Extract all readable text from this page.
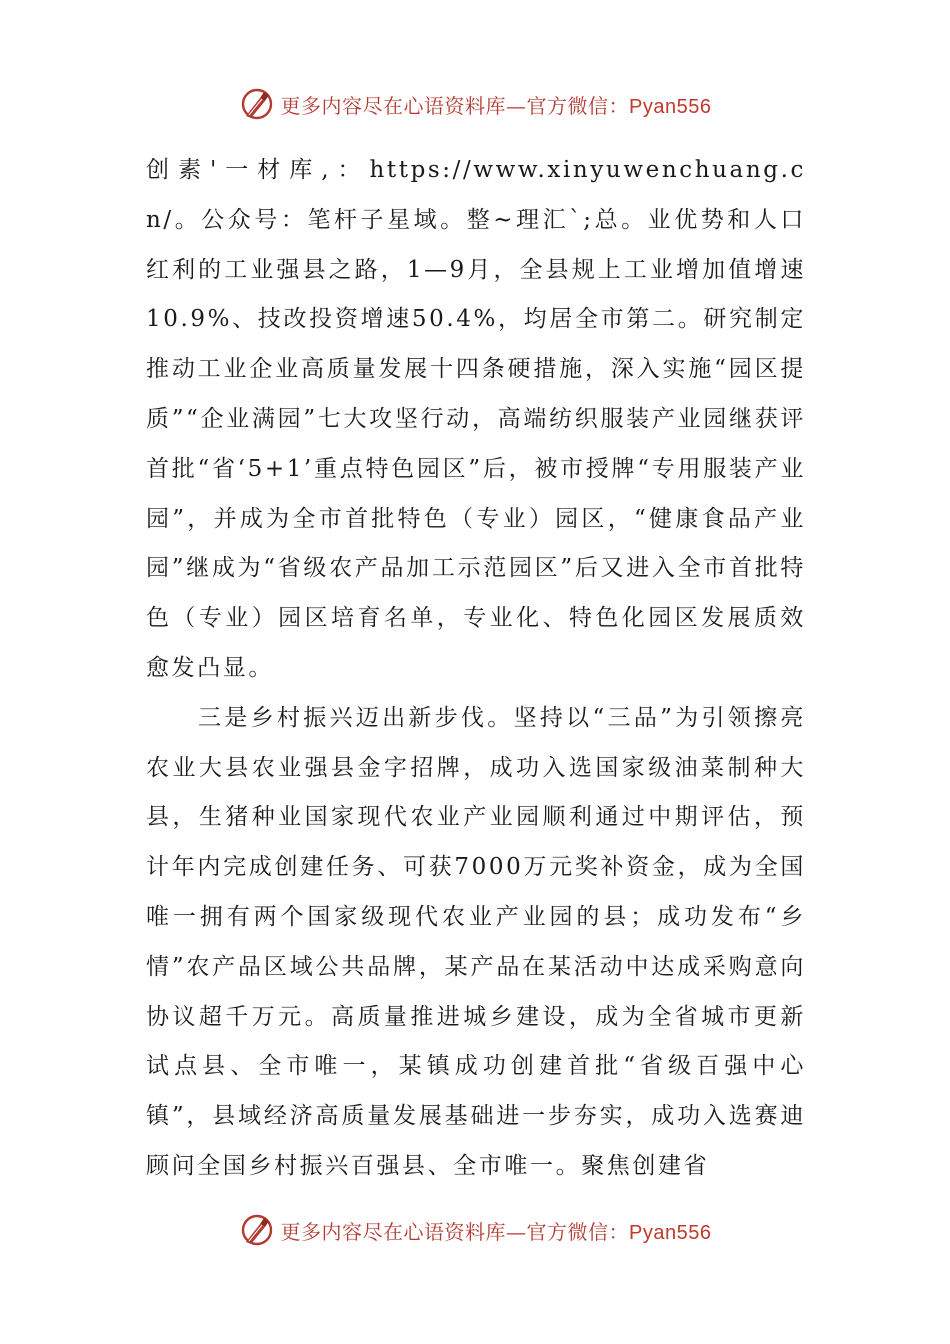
更多内容尽在心语资料库—官方微信：Pyan556

创素'一材库,：https://www.xinyuwenchuang.cn/。公众号：笔杆子星域。整~理汇`;总。业优势和人口红利的工业强县之路，1—9月，全县规上工业增加值增速10.9%、技改投资增速50.4%，均居全市第二。研究制定推动工业企业高质量发展十四条硬措施，深入实施“园区提质”“企业满园”七大攻坚行动，高端纺织服装产业园继获评首批“省‘5+1’重点特色园区”后，被市授牌“专用服装产业园”，并成为全市首批特色（专业）园区，“健康食品产业园”继成为“省级农产品加工示范园区”后又进入全市首批特色（专业）园区培育名单，专业化、特色化园区发展质效愈发凸显。

三是乡村振兴迈出新步伐。坚持以“三品”为引领擦亮农业大县农业强县金字招牌，成功入选国家级油菜制种大县，生猪种业国家现代农业产业园顺利通过中期评估，预计年内完成创建任务、可获7000万元奖补资金，成为全国唯一拥有两个国家级现代农业产业园的县；成功发布“乡情”农产品区域公共品牌，某产品在某活动中达成采购意向协议超千万元。高质量推进城乡建设，成为全省城市更新试点县、全市唯一，某镇成功创建首批“省级百强中心镇”，县域经济高质量发展基础进一步夯实，成功入选赛迪顾问全国乡村振兴百强县、全市唯一。聚焦创建省

更多内容尽在心语资料库—官方微信：Pyan556
